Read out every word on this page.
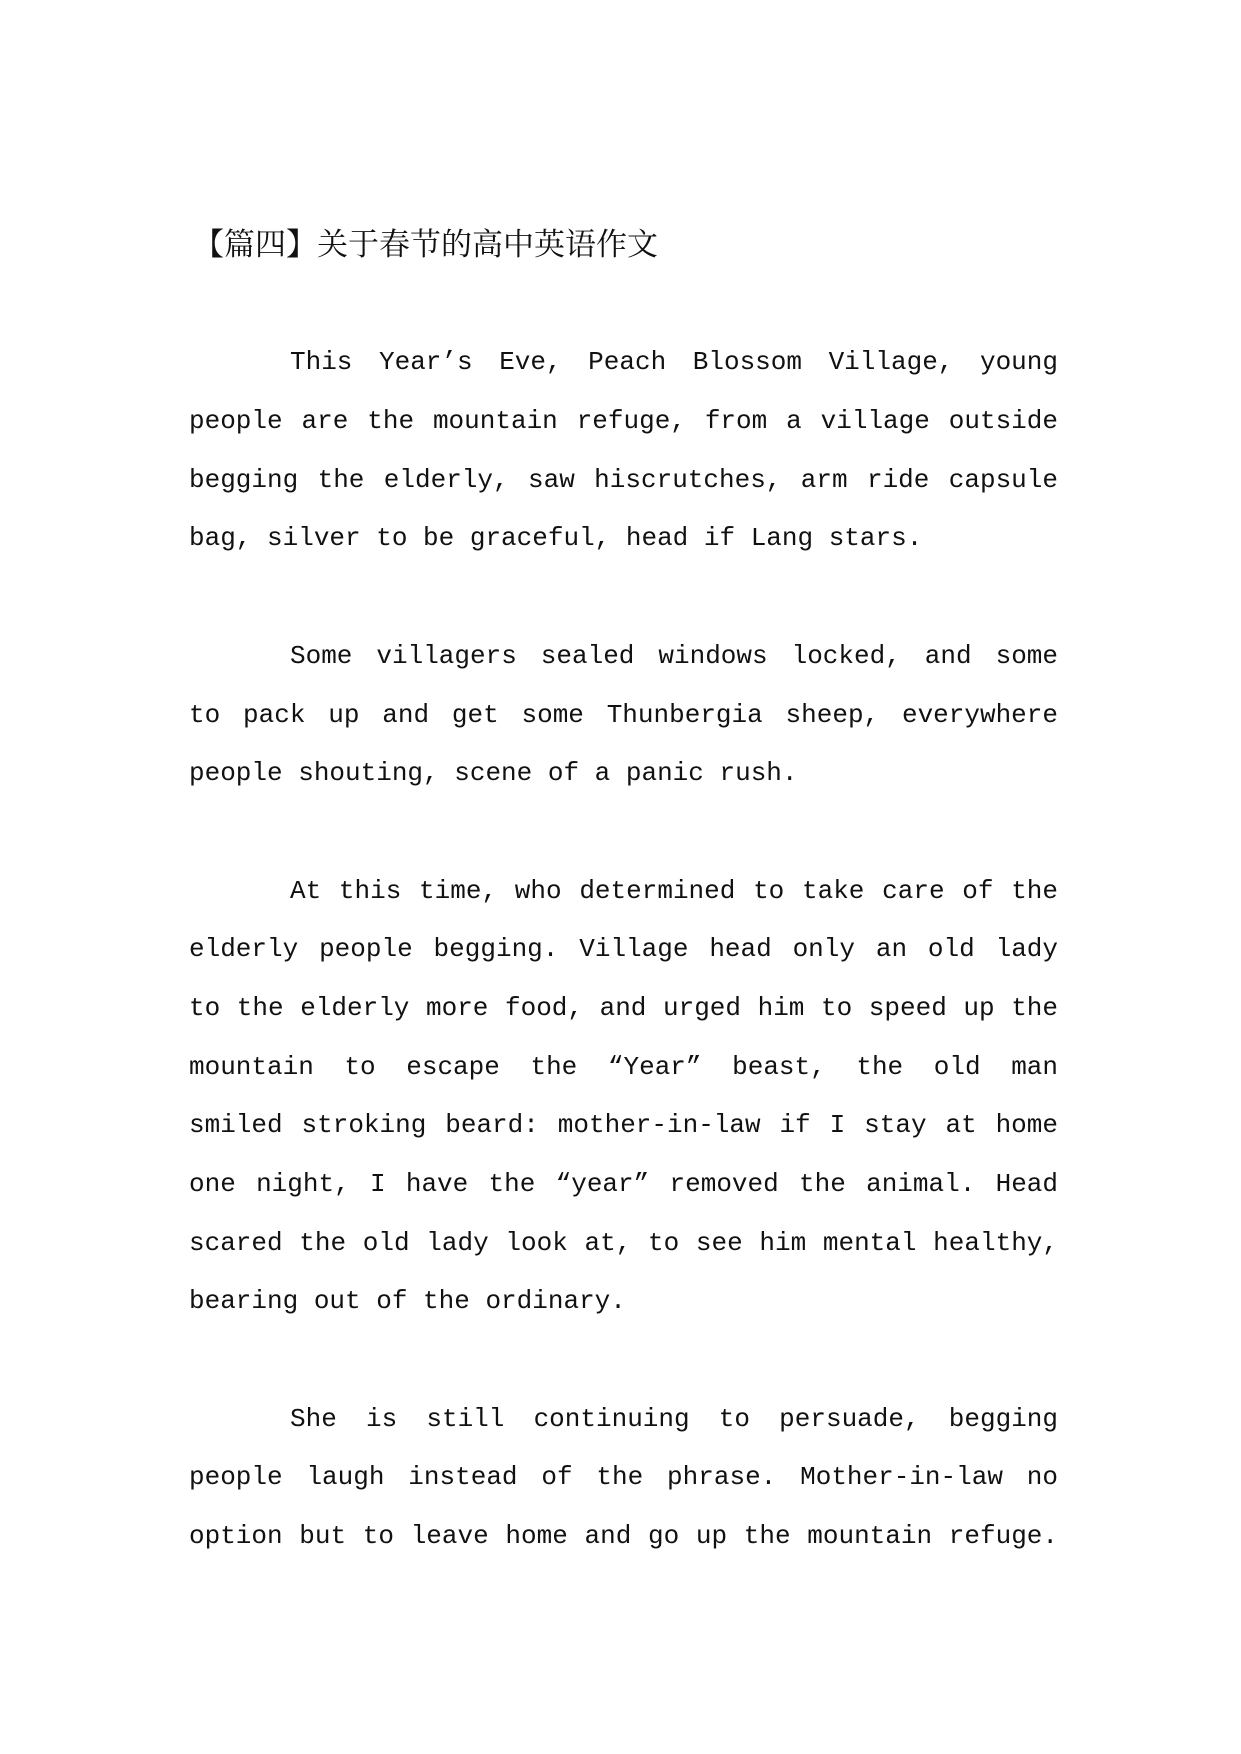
【篇四】关于春节的高中英语作文
This Year’s Eve, Peach Blossom Village, young
people are the mountain refuge, from a village outside
begging the elderly, saw hiscrutches, arm ride capsule
bag, silver to be graceful, head if Lang stars.
Some villagers sealed windows locked, and some
to pack up and get some Thunbergia sheep, everywhere
people shouting, scene of a panic rush.
At this time, who determined to take care of the
elderly people begging. Village head only an old lady
to the elderly more food, and urged him to speed up the
mountain to escape the “Year” beast, the old man
smiled stroking beard: mother-in-law if I stay at home
one night, I have the “year” removed the animal. Head
scared the old lady look at, to see him mental healthy,
bearing out of the ordinary.
She is still continuing to persuade, begging
people laugh instead of the phrase. Mother-in-law no
option but to leave home and go up the mountain refuge.
